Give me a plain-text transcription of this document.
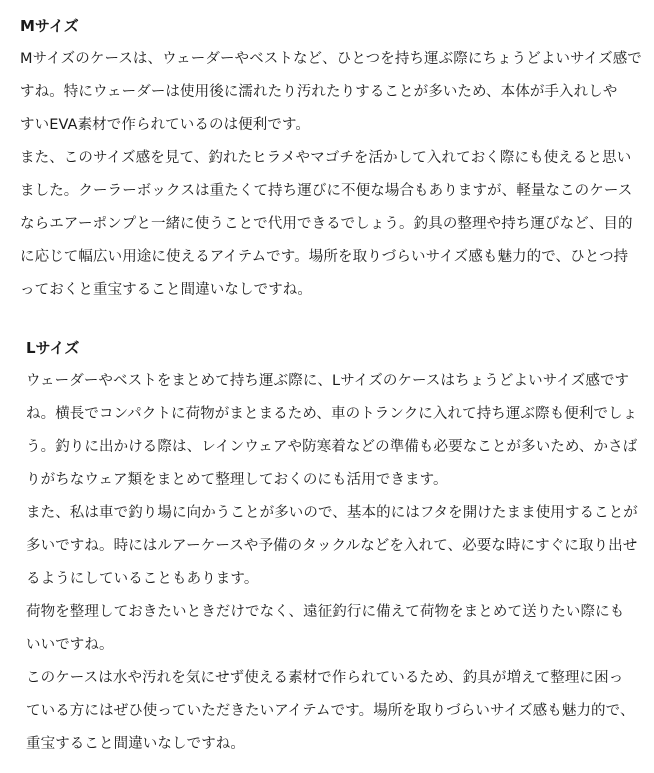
Mサイズ
Mサイズのケースは、ウェーダーやベストなど、ひとつを持ち運ぶ際にちょうどよいサイズ感で
すね。特にウェーダーは使用後に濡れたり汚れたりすることが多いため、本体が手入れしや
すいEVA素材で作られているのは便利です。
また、このサイズ感を見て、釣れたヒラメやマゴチを活かして入れておく際にも使えると思い
ました。クーラーボックスは重たくて持ち運びに不便な場合もありますが、軽量なこのケース
ならエアーポンプと一緒に使うことで代用できるでしょう。釣具の整理や持ち運びなど、目的
に応じて幅広い用途に使えるアイテムです。場所を取りづらいサイズ感も魅力的で、ひとつ持
っておくと重宝すること間違いなしですね。
Lサイズ
ウェーダーやベストをまとめて持ち運ぶ際に、Lサイズのケースはちょうどよいサイズ感です
ね。横長でコンパクトに荷物がまとまるため、車のトランクに入れて持ち運ぶ際も便利でしょ
う。釣りに出かける際は、レインウェアや防寒着などの準備も必要なことが多いため、かさば
りがちなウェア類をまとめて整理しておくのにも活用できます。
また、私は車で釣り場に向かうことが多いので、基本的にはフタを開けたまま使用することが
多いですね。時にはルアーケースや予備のタックルなどを入れて、必要な時にすぐに取り出せ
るようにしていることもあります。
荷物を整理しておきたいときだけでなく、遠征釣行に備えて荷物をまとめて送りたい際にも
いいですね。
このケースは水や汚れを気にせず使える素材で作られているため、釣具が増えて整理に困っ
ている方にはぜひ使っていただきたいアイテムです。場所を取りづらいサイズ感も魅力的で、
重宝すること間違いなしですね。
